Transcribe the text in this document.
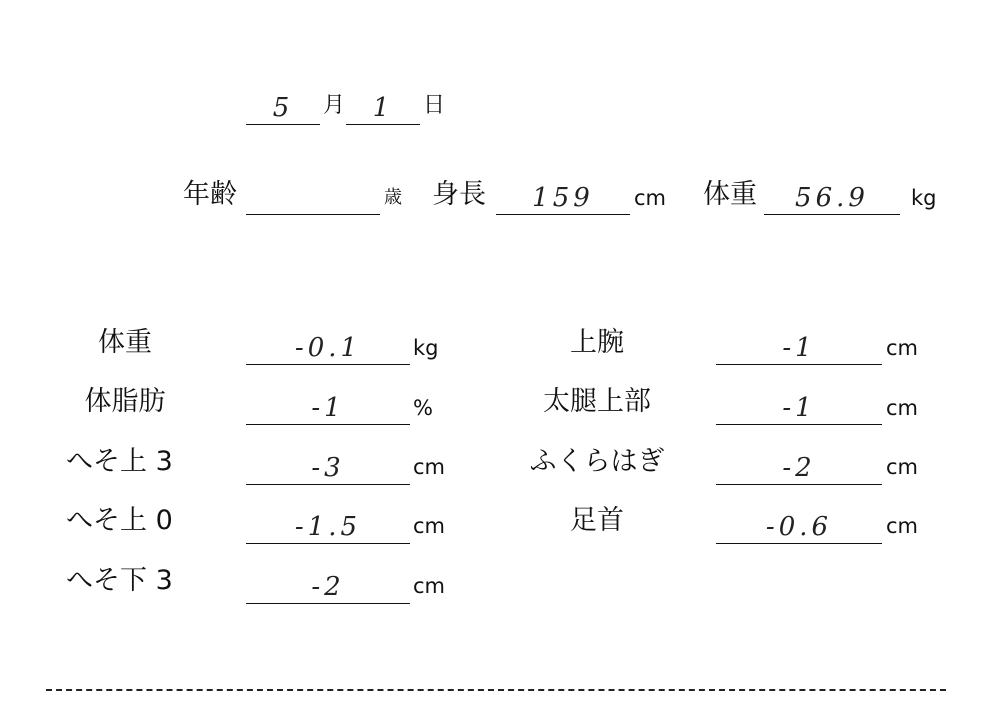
5	月	1	日
年齢	歳 身長	159	cm 体重	56.9	kg
体重	-0.1	kg
体脂肪	-1	%
へそ上 3	-3	cm
へそ上 0	-1.5	cm
へそ下 3	-2	cm
上腕	-1	cm
太腿上部	-1	cm
ふくらはぎ	-2	cm
足首	-0.6	cm
